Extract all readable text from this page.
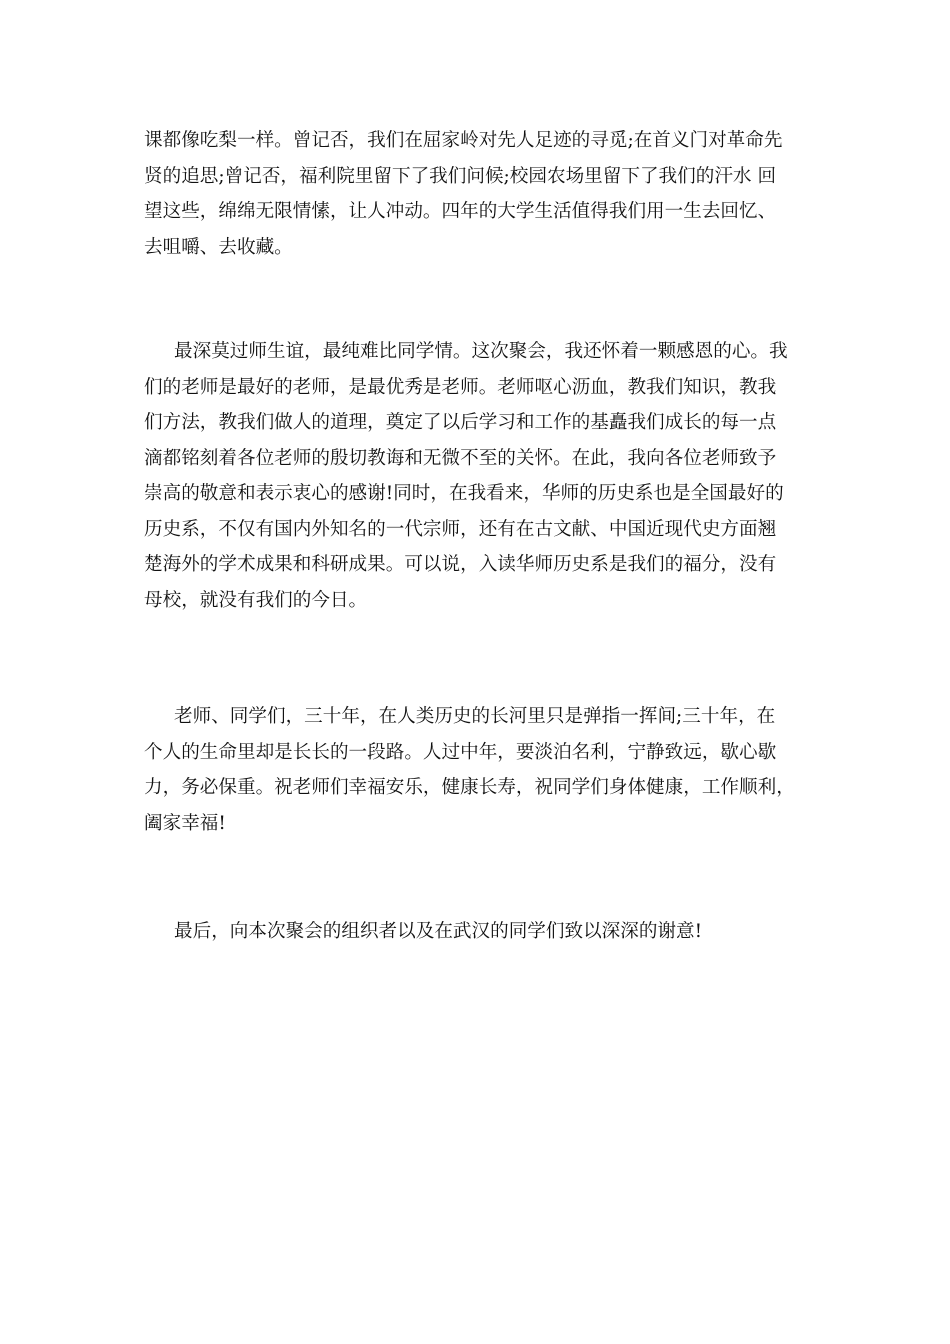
课都像吃梨一样。曾记否，我们在屈家岭对先人足迹的寻觅;在首义门对革命先
贤的追思;曾记否，福利院里留下了我们问候;校园农场里留下了我们的汗水 回
望这些，绵绵无限情愫，让人冲动。四年的大学生活值得我们用一生去回忆、
去咀嚼、去收藏。
最深莫过师生谊，最纯难比同学情。这次聚会，我还怀着一颗感恩的心。我
们的老师是最好的老师，是最优秀是老师。老师呕心沥血，教我们知识，教我
们方法，教我们做人的道理，奠定了以后学习和工作的基矗我们成长的每一点
滴都铭刻着各位老师的殷切教诲和无微不至的关怀。在此，我向各位老师致予
崇高的敬意和表示衷心的感谢!同时，在我看来，华师的历史系也是全国最好的
历史系，不仅有国内外知名的一代宗师，还有在古文献、中国近现代史方面翘
楚海外的学术成果和科研成果。可以说，入读华师历史系是我们的福分，没有
母校，就没有我们的今日。
老师、同学们，三十年，在人类历史的长河里只是弹指一挥间;三十年，在
个人的生命里却是长长的一段路。人过中年，要淡泊名利，宁静致远，歇心歇
力，务必保重。祝老师们幸福安乐，健康长寿，祝同学们身体健康，工作顺利，
阖家幸福!
最后，向本次聚会的组织者以及在武汉的同学们致以深深的谢意!
